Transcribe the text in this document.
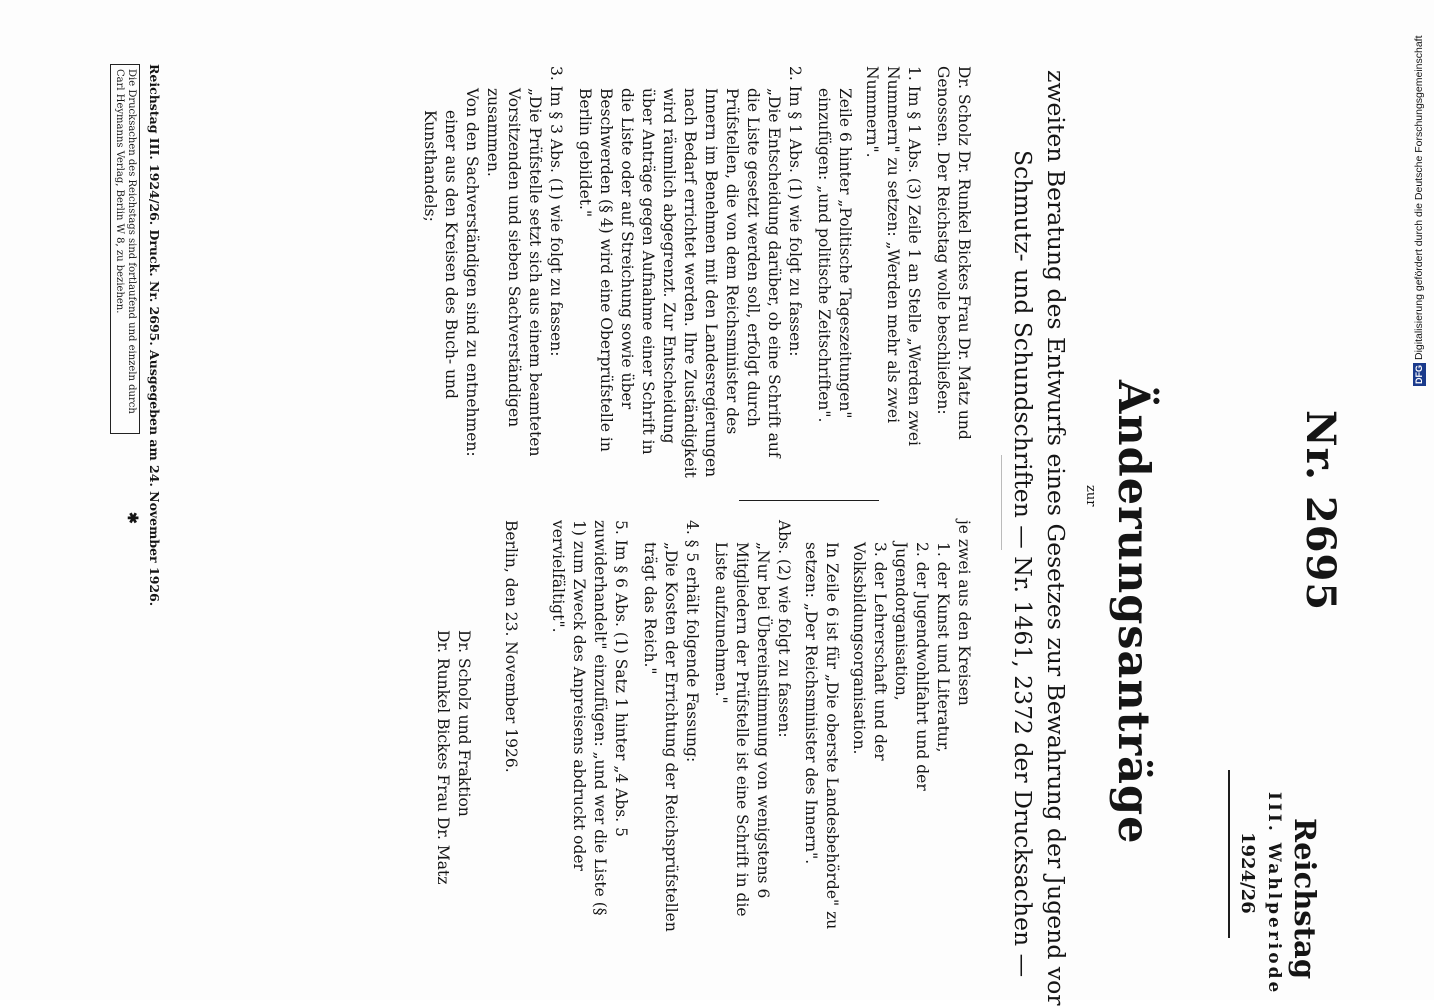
Nr. 2695
Reichstag
III. Wahlperiode
1924/26
Änderungsanträge
zur
zweiten Beratung des Entwurfs eines Gesetzes zur Bewahrung der Jugend vor
Schmutz- und Schundschriften — Nr. 1461, 2372 der Drucksachen —

Dr. Scholz Dr. Runkel Bickes Frau Dr. Matz und Genossen. Der Reichstag wolle beschließen:

1. Im § 1 Abs. (3) Zeile 1 an Stelle „Werden zwei Nummern" zu setzen: „Werden mehr als zwei Nummern".

Zeile 6 hinter „Politische Tageszeitungen" einzufügen: „und politische Zeitschriften".

2. Im § 1 Abs. (1) wie folgt zu fassen:

„Die Entscheidung darüber, ob eine Schrift auf die Liste gesetzt werden soll, erfolgt durch Prüfstellen, die von dem Reichsminister des Innern im Benehmen mit den Landesregierungen nach Bedarf errichtet werden. Ihre Zuständigkeit wird räumlich abgegrenzt. Zur Entscheidung über Anträge gegen Aufnahme einer Schrift in die Liste oder auf Streichung sowie über Beschwerden (§ 4) wird eine Oberprüfstelle in Berlin gebildet."

3. Im § 3 Abs. (1) wie folgt zu fassen:

„Die Prüfstelle setzt sich aus einem beamteten Vorsitzenden und sieben Sachverständigen zusammen.

Von den Sachverständigen sind zu entnehmen:

einer aus den Kreisen des Buch- und Kunsthandels;

je zwei aus den Kreisen

1. der Kunst und Literatur,

2. der Jugendwohlfahrt und der Jugendorganisation,

3. der Lehrerschaft und der Volksbildungsorganisation.

In Zeile 6 ist für „Die oberste Landesbehörde" zu setzen: „Der Reichsminister des Innern".

Abs. (2) wie folgt zu fassen:

„Nur bei Übereinstimmung von wenigstens 6 Mitgliedern der Prüfstelle ist eine Schrift in die Liste aufzunehmen."

4. § 5 erhält folgende Fassung:

„Die Kosten der Errichtung der Reichsprüfstellen trägt das Reich."

5. Im § 6 Abs. (1) Satz 1 hinter „4 Abs. 5 zuwiderhandelt" einzufügen: „und wer die Liste (§ 1) zum Zweck des Anpreisens abdruckt oder vervielfältigt".

Berlin, den 23. November 1926.

Dr. Scholz und Fraktion

Dr. Runkel Bickes Frau Dr. Matz

Reichstag III. 1924/26. Druck. Nr. 2695. Ausgegeben am 24. November 1926.
Die Drucksachen des Reichstags sind fortlaufend und einzeln durch Carl Heymanns Verlag, Berlin W 8, zu beziehen.
✱
DFGDigitalisierung gefördert durch die Deutsche Forschungsgemeinschaft
